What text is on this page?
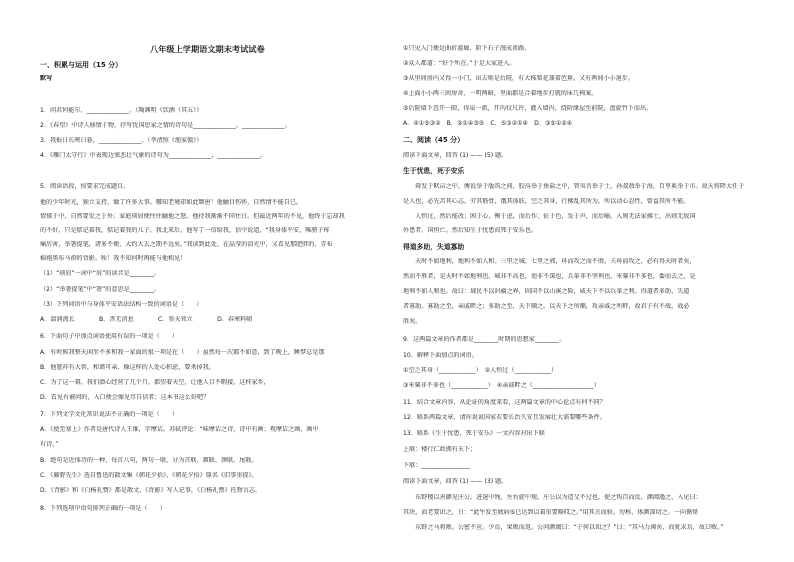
八年级上学期语文期末考试试卷
一、积累与运用（15 分）
默写
1．问君何能尔，______________。（陶渊明《饮酒（其五）》
2．《春望》中诗人移情于物，抒写忧国思家之情的诗句是______________，______________。
3．我报日长嗟日暮，______________。（李清照《渔家傲》）
4．《雁门太守行》中表现边塞悲壮气象的诗句为______________，______________。
5．阅读语段，按要求完成题目。
他的少年时光，独立支持，做了许多大事。哪知老境却如此颓唐！他触目伤怀，自然情不能自已。
情郁于中，自然要发之于外；家庭琐屑便往往触他之怒。他待我渐渐不同往日。但最近两年的不见，他终于忘却我
的不好，只是惦记着我，惦记着我的儿子。我北来后，他写了一信给我，信中说道，“我身体平安，唯膀子疼
痛厉害，举箸提笔，诸多不便，大约大去之期不远矣。”我读到此处，在晶莹的泪光中，又看见那肥胖的、青布
棉袍黑布马褂的背影。唉！我不知何时再能与他相见！
（1）“琐屑”一词中“屑”的读音是________。
（2）“举箸提笔”中“箸”的意思是________。
（3）下列词语中与身体平安语法结构一致的词语是（　　）
A．湍润流长　　　　B．杳无消息　　　　C．参天耸立　　　　D．春寒料峭
6．下面句子中加点词语使用有误的一项是（　　）
A．有时候我整天闲坐不多和我一家面的很一项是在（　　）虽然每一次都不如意，到了晚上，睡梦总是那
B．他慈祥有大智，和蔼可亲，像这样的人处心积虑，要杀掉我。
C．为了这一幕，我们潜心经营了几个月，都望着天空，让他人目不暇接，这样家乡，
D．看见有被问的，入口便会像见尽自信者；这本书这么好吧？
7．下列文学文化常识说法不正确的一项是（　　）
A．《使至塞上》作者是唐代诗人王维，字摩诘。苏轼评论：“味摩诘之诗，诗中有画；观摩诘之画，画中
有诗。”
B．绝句是近体诗的一种，每首八句，两句一联，分为首联、颔联、颈联、尾联。
C．《藤野先生》选自鲁迅的散文集《朝花夕拾》，《朝花夕拾》原名《旧事重提》。
D．《背影》和《白杨礼赞》都是散文，《背影》写人记事，《白杨礼赞》托物言志。
8．下列选项中语句排列正确的一项是（　　）
①只见入门便是曲折游廊，阶下石子漫成甬路。
②众人都道：“好个所在。”于是大家进入。
③从里间房内又得一小门，出去则是后院，有大株梨花兼着芭蕉。又有两间小小退步。
④上面小小两三间房舍，一明两暗，里面都是合着地步打就的床几椅案。
⑤后院墙下忽开一隙，得泉一派，开沟仅尺许，灌入墙内，绕阶缘屋至前院，盘旋竹下而出。
A．④①⑤③②　B．②①④③⑤　C．⑤③②①④　D．③⑤①②④
二、阅读（45 分）
阅读下面文章，回答 (1) —— (5) 题。
生于忧患，死于安乐
　　舜发于畎亩之中，傅说举于版筑之间，胶鬲举于鱼盐之中，管夷吾举于士，孙叔敖举于海，百里奚举于市。故天将降大任于
是人也，必先苦其心志，劳其筋骨，饿其体肤，空乏其身，行拂乱其所为，所以动心忍性，曾益其所不能。
　　人恒过，然后能改；困于心，衡于虑，而后作；征于色，发于声，而后喻。入则无法家拂士，出则无敌国
外患者，国恒亡。然后知生于忧患而死于安乐也。
得道多助，失道寡助
　　天时不如地利，地利不如人和。三里之城，七里之郭，环而攻之而不胜。夫环而攻之，必有得天时者矣，
然而不胜者，是天时不如地利也。城非不高也，池非不深也，兵革非不坚利也，米粟非不多也，委而去之，是
地利不如人和也。故曰：域民不以封疆之界，固国不以山溪之险，威天下不以兵革之利。得道者多助，失道
者寡助。寡助之至，亲戚畔之；多助之至，天下顺之。以天下之所顺，攻亲戚之所畔，故君子有不战，战必
胜矣。
9．这两篇文章的作者都是________时期的思想家________。
10．解释下面加点的词语。
①空乏其身（____________）　②人恒过（____________）
③米粟非不多也（____________）　④亲戚畔之（____________________）
11．结合文章内容，从论证的角度来看，这两篇文章的中心论点有何不同？
12．联系两篇文章，请你说说国家若要长治久安且发展壮大需要哪些条件。
13．联系《生于忧患，死于安乐》一文内容对出下联
上联：楼行仁政拥有天下；
下联：________________
阅读下面文章，回答 (1) —— (3) 题。
　　东野稷以善御见庄公。进退中绳，左右旋中规。庄公以为造父不过也。使之钩百而反。颜阖遇之，入见曰：
其块，而老要识之，日：“此牛发至疲病⑤已达到以着重要略哎之。”用其言而验。勿称、体颜深切之。一向循怪
　　东野之马将败。公密不应。少焉，果败而返。公问颜阖曰：“子何以知之？”曰：“其马力竭矣，而犹求焉，故曰败。”
